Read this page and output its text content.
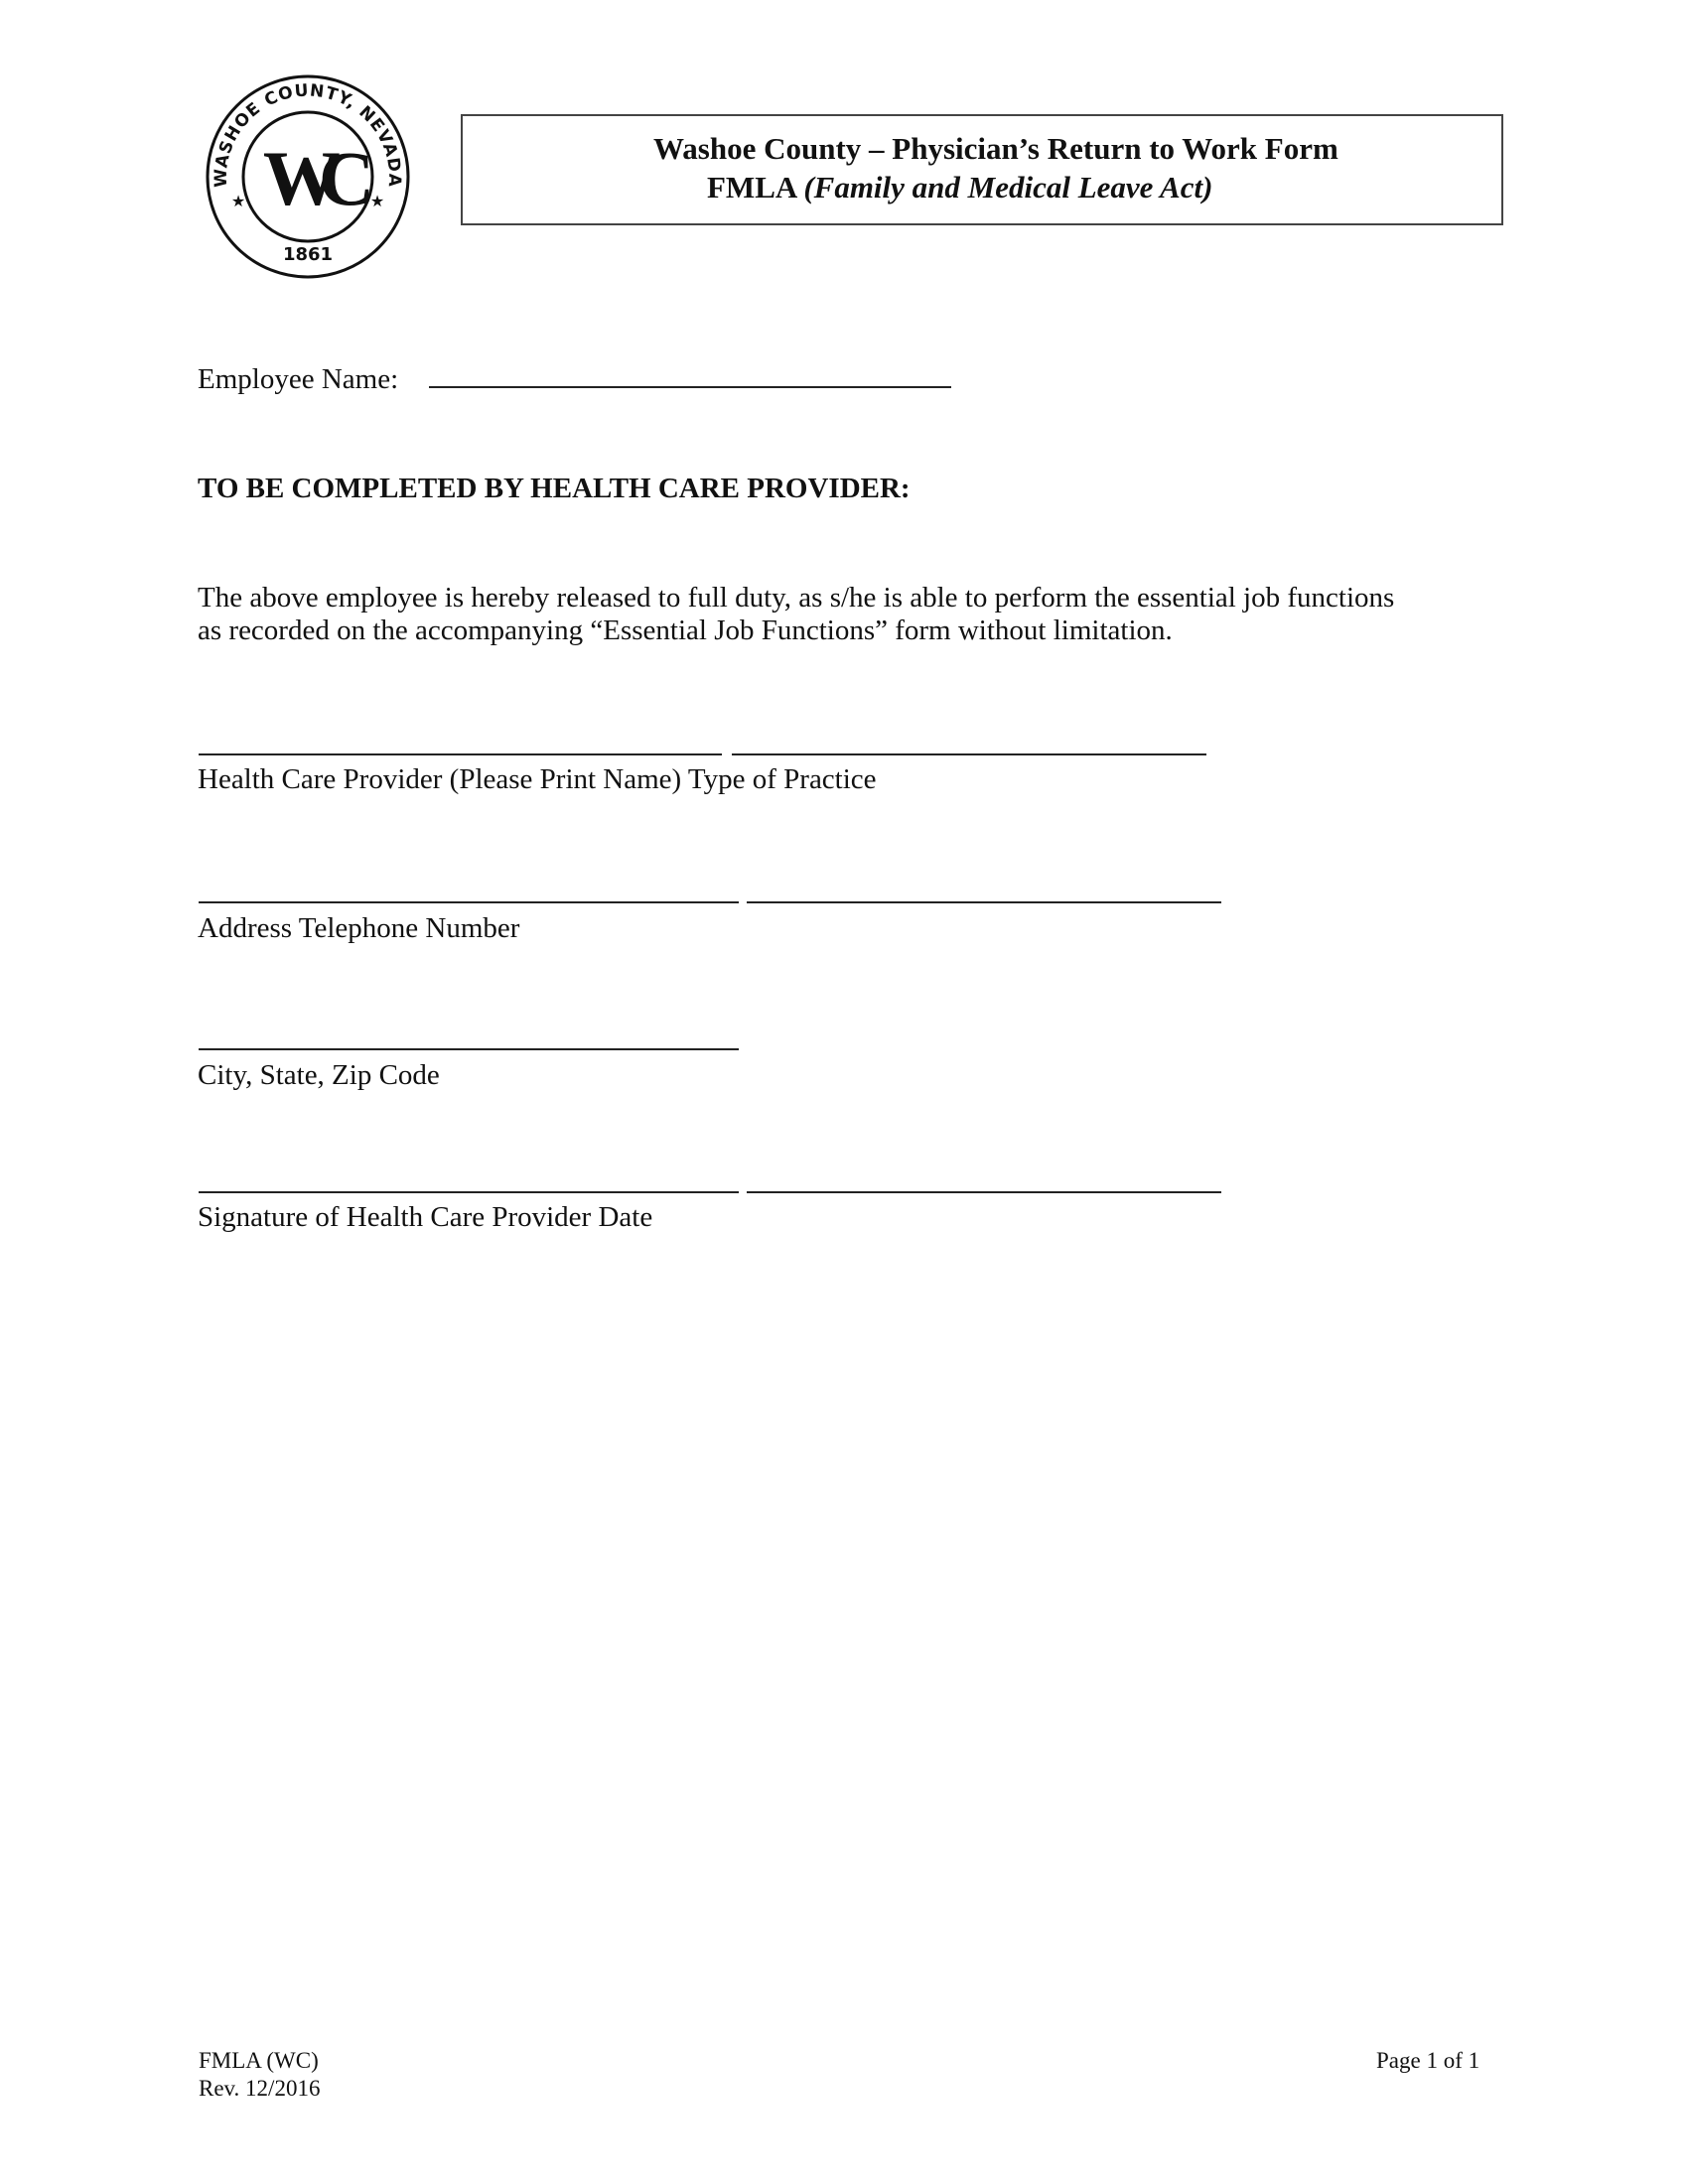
WASHOE COUNTY, NEVADA
1861
★	★
WC	Washoe County – Physician’s Return to Work Form
FMLA (Family and Medical Leave Act)
Employee Name:
TO BE COMPLETED BY HEALTH CARE PROVIDER:
The above employee is hereby released to full duty, as s/he is able to perform the essential job functions
as recorded on the accompanying “Essential Job Functions” form without limitation.
Health Care Provider (Please Print Name) Type of Practice
Address Telephone Number
City, State, Zip Code
Signature of Health Care Provider Date
FMLA (WC)
Rev. 12/2016
Page 1 of 1
